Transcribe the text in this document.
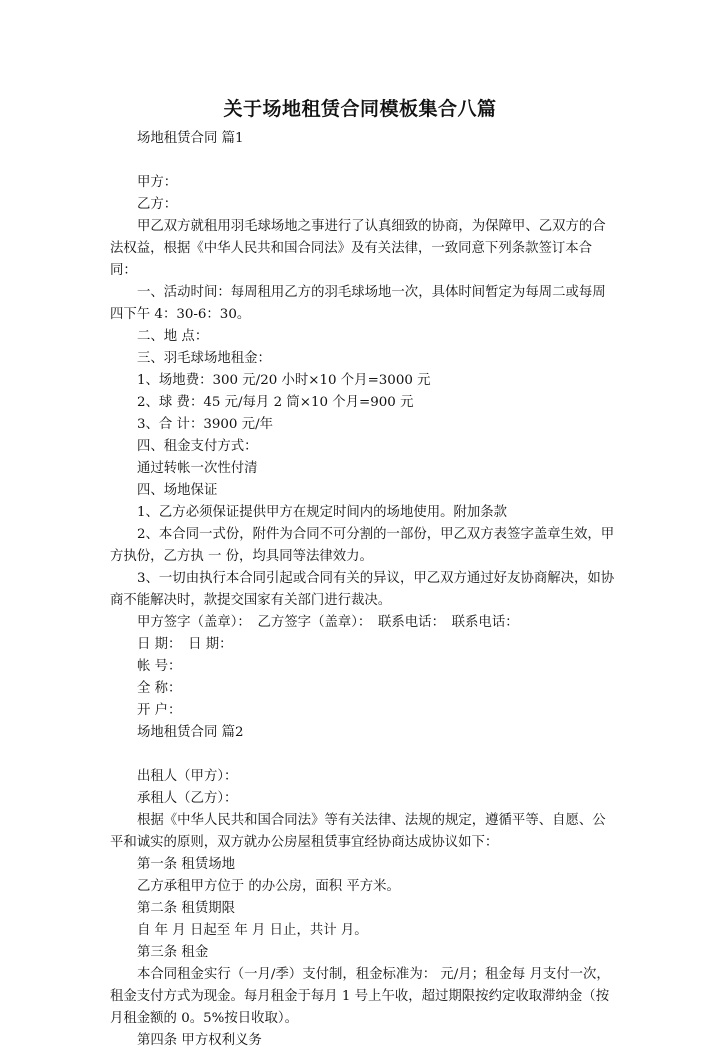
关于场地租赁合同模板集合八篇

场地租赁合同 篇1

甲方：

乙方：

甲乙双方就租用羽毛球场地之事进行了认真细致的协商，为保障甲、乙双方的合法权益，根据《中华人民共和国合同法》及有关法律，一致同意下列条款签订本合同：

一、活动时间：每周租用乙方的羽毛球场地一次，具体时间暂定为每周二或每周四下午 4：30-6：30。

二、地 点：

三、羽毛球场地租金：

1、场地费：300 元/20 小时×10 个月=3000 元

2、球 费：45 元/每月 2 筒×10 个月=900 元

3、合 计：3900 元/年

四、租金支付方式：

通过转帐一次性付清

四、场地保证

1、乙方必须保证提供甲方在规定时间内的场地使用。附加条款

2、本合同一式份，附件为合同不可分割的一部份，甲乙双方表签字盖章生效，甲方执份，乙方执 一 份，均具同等法律效力。

3、一切由执行本合同引起或合同有关的异议，甲乙双方通过好友协商解决，如协商不能解决时，款提交国家有关部门进行裁决。

甲方签字（盖章）：　乙方签字（盖章）：　联系电话：　联系电话：

日 期：　日 期：

帐 号：

全 称：

开 户：

场地租赁合同 篇2

出租人（甲方）：

承租人（乙方）：

根据《中华人民共和国合同法》等有关法律、法规的规定，遵循平等、自愿、公平和诚实的原则，双方就办公房屋租赁事宜经协商达成协议如下：

第一条 租赁场地

乙方承租甲方位于 的办公房，面积 平方米。

第二条 租赁期限

自 年 月 日起至 年 月 日止，共计 月。

第三条 租金

本合同租金实行（一月/季）支付制，租金标准为： 元/月；租金每 月支付一次，租金支付方式为现金。每月租金于每月 1 号上午收，超过期限按约定收取滞纳金（按月租金额的 0。5%按日收取）。

第四条 甲方权利义务
